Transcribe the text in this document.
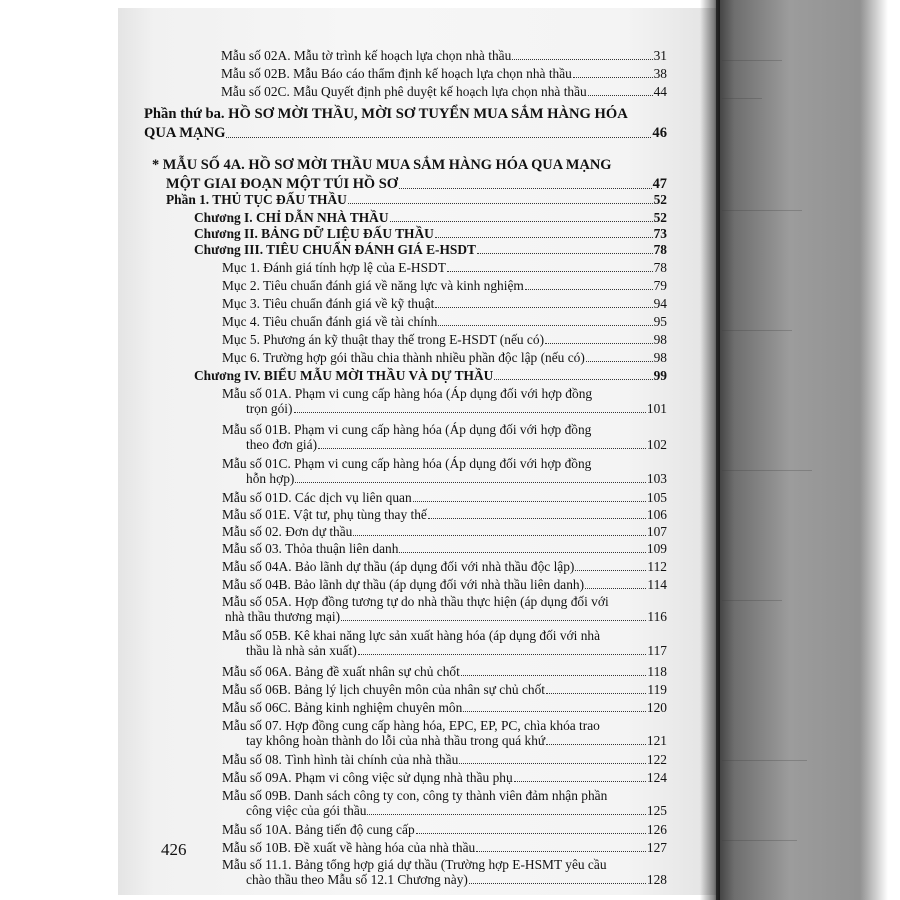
Mẫu số 02A. Mẫu tờ trình kế hoạch lựa chọn nhà thầu	31
Mẫu số 02B. Mẫu Báo cáo thẩm định kế hoạch lựa chọn nhà thầu	38
Mẫu số 02C. Mẫu Quyết định phê duyệt kế hoạch lựa chọn nhà thầu	44
Phần thứ ba. HỒ SƠ MỜI THẦU, MỜI SƠ TUYỂN MUA SẮM HÀNG HÓA
QUA MẠNG	46
* MẪU SỐ 4A. HỒ SƠ MỜI THẦU MUA SẮM HÀNG HÓA QUA MẠNG
MỘT GIAI ĐOẠN MỘT TÚI HỒ SƠ	47
Phần 1. THỦ TỤC ĐẤU THẦU	52
Chương I. CHỈ DẪN NHÀ THẦU	52
Chương II. BẢNG DỮ LIỆU ĐẤU THẦU	73
Chương III. TIÊU CHUẨN ĐÁNH GIÁ E-HSDT	78
Mục 1. Đánh giá tính hợp lệ của E-HSDT	78
Mục 2. Tiêu chuẩn đánh giá về năng lực và kinh nghiệm	79
Mục 3. Tiêu chuẩn đánh giá về kỹ thuật	94
Mục 4. Tiêu chuẩn đánh giá về tài chính	95
Mục 5. Phương án kỹ thuật thay thế trong E-HSDT (nếu có)	98
Mục 6. Trường hợp gói thầu chia thành nhiều phần độc lập (nếu có)	98
Chương IV. BIỂU MẪU MỜI THẦU VÀ DỰ THẦU	99
Mẫu số 01A. Phạm vi cung cấp hàng hóa (Áp dụng đối với hợp đồng
trọn gói)	101
Mẫu số 01B. Phạm vi cung cấp hàng hóa (Áp dụng đối với hợp đồng
theo đơn giá)	102
Mẫu số 01C. Phạm vi cung cấp hàng hóa (Áp dụng đối với hợp đồng
hỗn hợp)	103
Mẫu số 01D. Các dịch vụ liên quan	105
Mẫu số 01E. Vật tư, phụ tùng thay thế	106
Mẫu số 02. Đơn dự thầu	107
Mẫu số 03. Thỏa thuận liên danh	109
Mẫu số 04A. Bảo lãnh dự thầu (áp dụng đối với nhà thầu độc lập)	112
Mẫu số 04B. Bảo lãnh dự thầu (áp dụng đối với nhà thầu liên danh)	114
Mẫu số 05A. Hợp đồng tương tự do nhà thầu thực hiện (áp dụng đối với
nhà thầu thương mại)	116
Mẫu số 05B. Kê khai năng lực sản xuất hàng hóa (áp dụng đối với nhà
thầu là nhà sản xuất)	117
Mẫu số 06A. Bảng đề xuất nhân sự chủ chốt	118
Mẫu số 06B. Bảng lý lịch chuyên môn của nhân sự chủ chốt	119
Mẫu số 06C. Bảng kinh nghiệm chuyên môn	120
Mẫu số 07. Hợp đồng cung cấp hàng hóa, EPC, EP, PC, chìa khóa trao
tay không hoàn thành do lỗi của nhà thầu trong quá khứ	121
Mẫu số 08. Tình hình tài chính của nhà thầu	122
Mẫu số 09A. Phạm vi công việc sử dụng nhà thầu phụ	124
Mẫu số 09B. Danh sách công ty con, công ty thành viên đảm nhận phần
công việc của gói thầu	125
Mẫu số 10A. Bảng tiến độ cung cấp	126
Mẫu số 10B. Đề xuất về hàng hóa của nhà thầu	127
Mẫu số 11.1. Bảng tổng hợp giá dự thầu (Trường hợp E-HSMT yêu cầu
chào thầu theo Mẫu số 12.1 Chương này)	128
426
